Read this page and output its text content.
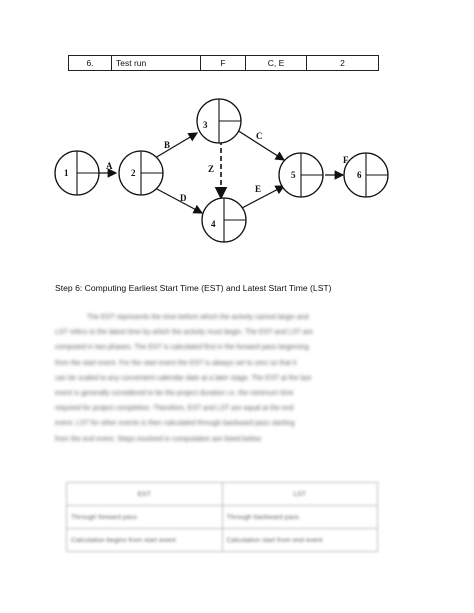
6.	Test run	F	C, E	2
1	2
3
4
5	6
A
B
C
D
E
Z
F
Step 6: Computing Earliest Start Time (EST) and Latest Start Time (LST)
The EST represents the time before which the activity cannot begin and
LST refers to the latest time by which the activity must begin. The EST and LST are
computed in two phases. The EST is calculated first in the forward pass beginning
from the start event. For the start event the EST is always set to zero so that it
can be scaled to any convenient calendar date at a later stage. The EST at the last
event is generally considered to be the project duration i.e. the minimum time
required for project completion. Therefore, EST and LST are equal at the end
event. LST for other events is then calculated through backward pass starting
from the end event. Steps involved in computation are listed below.
EST	LST
Through forward pass	Through backward pass
Calculation begins from start event	Calculation start from end event
